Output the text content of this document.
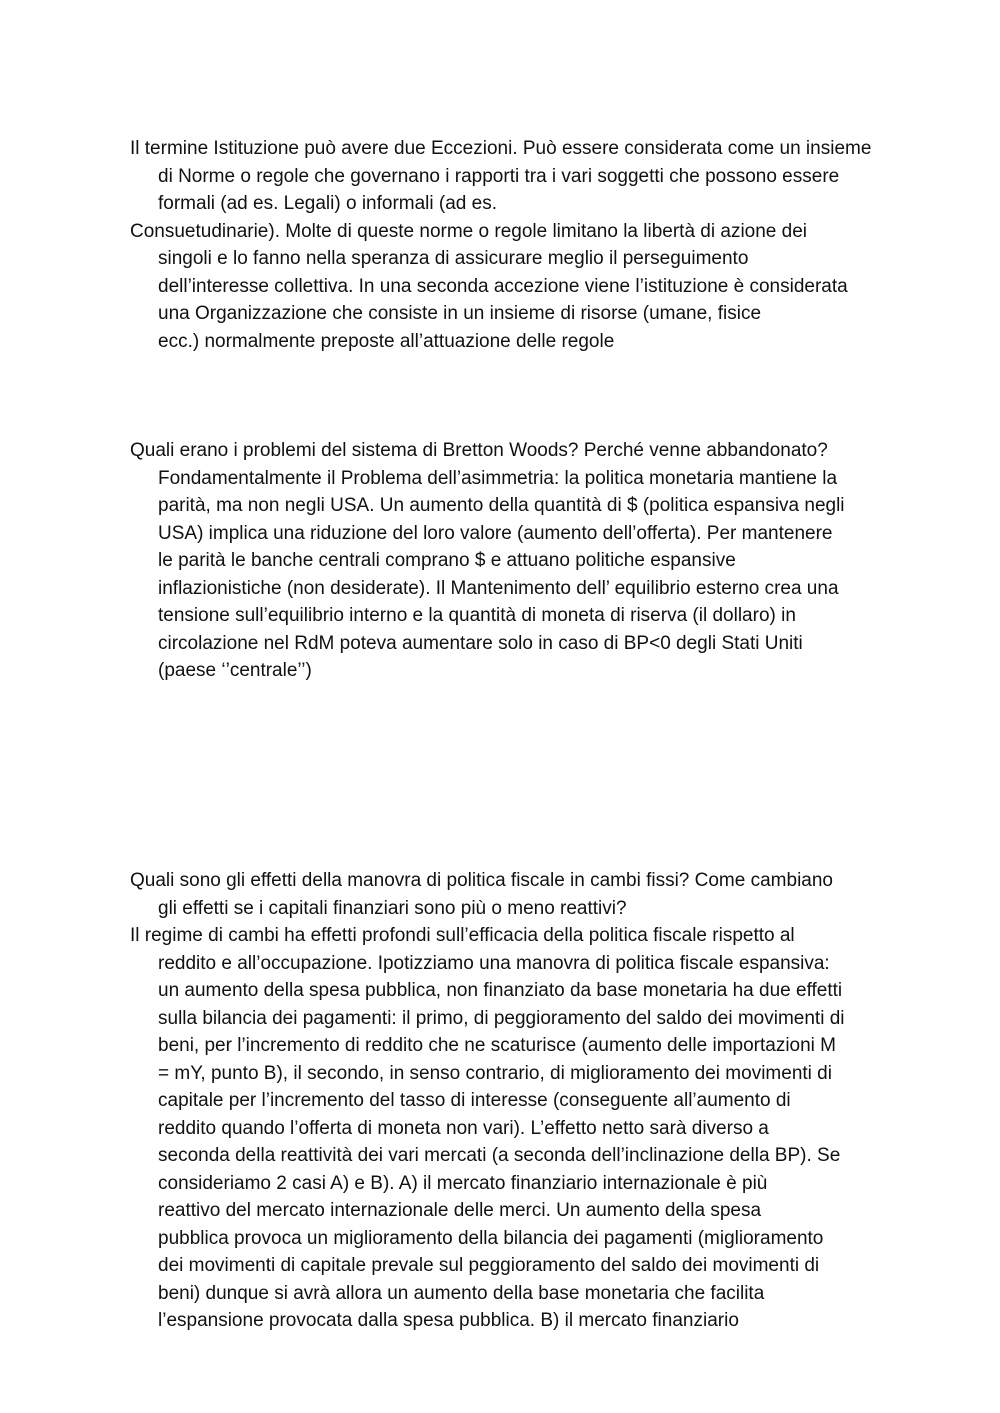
Il termine Istituzione può avere due Eccezioni. Può essere considerata come un insieme
di Norme o regole che governano i rapporti tra i vari soggetti che possono essere
formali (ad es. Legali) o informali (ad es.
Consuetudinarie). Molte di queste norme o regole limitano la libertà di azione dei
singoli e lo fanno nella speranza di assicurare meglio il perseguimento
dell’interesse collettiva. In una seconda accezione viene l’istituzione è considerata
una Organizzazione che consiste in un insieme di risorse (umane, fisice
ecc.) normalmente preposte all’attuazione delle regole
Quali erano i problemi del sistema di Bretton Woods? Perché venne abbandonato?
Fondamentalmente il Problema dell’asimmetria: la politica monetaria mantiene la
parità, ma non negli USA. Un aumento della quantità di $ (politica espansiva negli
USA) implica una riduzione del loro valore (aumento dell’offerta). Per mantenere
le parità le banche centrali comprano $ e attuano politiche espansive
inflazionistiche (non desiderate). Il Mantenimento dell’ equilibrio esterno crea una
tensione sull’equilibrio interno e la quantità di moneta di riserva (il dollaro) in
circolazione nel RdM poteva aumentare solo in caso di BP<0 degli Stati Uniti
(paese ‘’centrale’’)
Quali sono gli effetti della manovra di politica fiscale in cambi fissi? Come cambiano
gli effetti se i capitali finanziari sono più o meno reattivi?
Il regime di cambi ha effetti profondi sull’efficacia della politica fiscale rispetto al
reddito e all’occupazione. Ipotizziamo una manovra di politica fiscale espansiva:
un aumento della spesa pubblica, non finanziato da base monetaria ha due effetti
sulla bilancia dei pagamenti: il primo, di peggioramento del saldo dei movimenti di
beni, per l’incremento di reddito che ne scaturisce (aumento delle importazioni M
= mY, punto B), il secondo, in senso contrario, di miglioramento dei movimenti di
capitale per l’incremento del tasso di interesse (conseguente all’aumento di
reddito quando l’offerta di moneta non vari). L’effetto netto sarà diverso a
seconda della reattività dei vari mercati (a seconda dell’inclinazione della BP). Se
consideriamo 2 casi A) e B). A) il mercato finanziario internazionale è più
reattivo del mercato internazionale delle merci. Un aumento della spesa
pubblica provoca un miglioramento della bilancia dei pagamenti (miglioramento
dei movimenti di capitale prevale sul peggioramento del saldo dei movimenti di
beni) dunque si avrà allora un aumento della base monetaria che facilita
l’espansione provocata dalla spesa pubblica. B) il mercato finanziario
